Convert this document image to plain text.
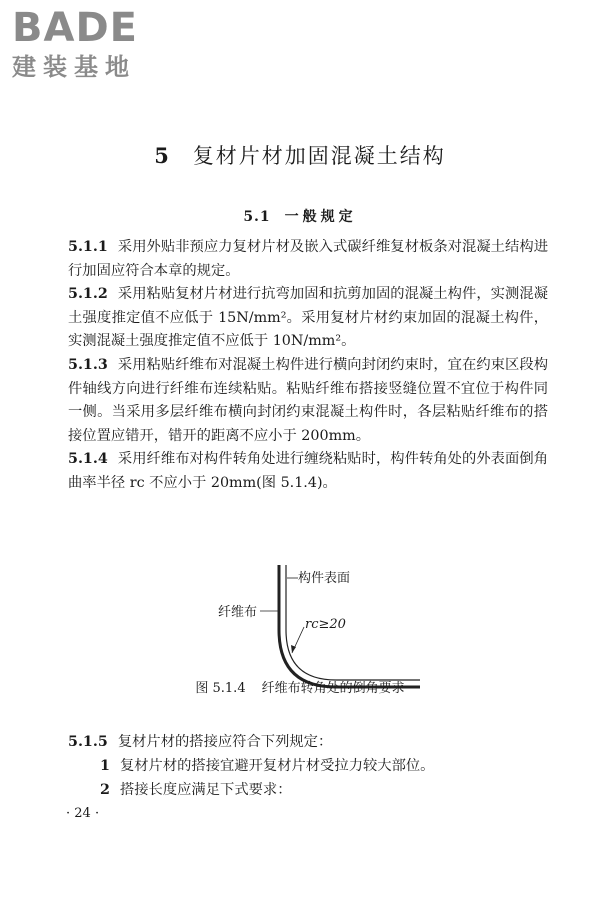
BADE
建装基地
5 复材片材加固混凝土结构
5.1 一般规定

5.1.1 采用外贴非预应力复材片材及嵌入式碳纤维复材板条对混凝土结构进行加固应符合本章的规定。

5.1.2 采用粘贴复材片材进行抗弯加固和抗剪加固的混凝土构件，实测混凝土强度推定值不应低于 15N/mm²。采用复材片材约束加固的混凝土构件，实测混凝土强度推定值不应低于 10N/mm²。

5.1.3 采用粘贴纤维布对混凝土构件进行横向封闭约束时，宜在约束区段构件轴线方向进行纤维布连续粘贴。粘贴纤维布搭接竖缝位置不宜位于构件同一侧。当采用多层纤维布横向封闭约束混凝土构件时，各层粘贴纤维布的搭接位置应错开，错开的距离不应小于 200mm。

5.1.4 采用纤维布对构件转角处进行缠绕粘贴时，构件转角处的外表面倒角曲率半径 rc 不应小于 20mm(图 5.1.4)。

构件表面
纤维布
rc≥20
图 5.1.4 纤维布转角处的倒角要求

5.1.5 复材片材的搭接应符合下列规定：

1 复材片材的搭接宜避开复材片材受拉力较大部位。

2 搭接长度应满足下式要求：

· 24 ·
